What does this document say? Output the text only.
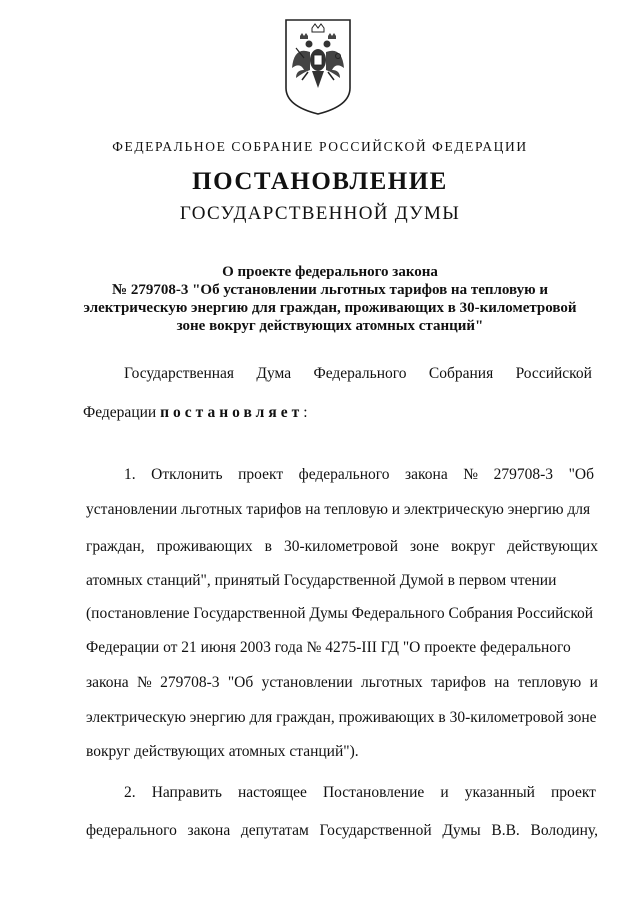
ФЕДЕРАЛЬНОЕ СОБРАНИЕ РОССИЙСКОЙ ФЕДЕРАЦИИ
ПОСТАНОВЛЕНИЕ
ГОСУДАРСТВЕННОЙ ДУМЫ
О проекте федерального закона
№ 279708-3 "Об установлении льготных тарифов на тепловую и
электрическую энергию для граждан, проживающих в 30-километровой
зоне вокруг действующих атомных станций"
Государственная Дума Федерального Собрания Российской
Федерации постановляет:
1. Отклонить проект федерального закона № 279708-3 "Об
установлении льготных тарифов на тепловую и электрическую энергию для
граждан, проживающих в 30-километровой зоне вокруг действующих
атомных станций", принятый Государственной Думой в первом чтении
(постановление Государственной Думы Федерального Собрания Российской
Федерации от 21 июня 2003 года № 4275-III ГД "О проекте федерального
закона № 279708-3 "Об установлении льготных тарифов на тепловую и
электрическую энергию для граждан, проживающих в 30-километровой зоне
вокруг действующих атомных станций").
2. Направить настоящее Постановление и указанный проект
федерального закона депутатам Государственной Думы В.В. Володину,
